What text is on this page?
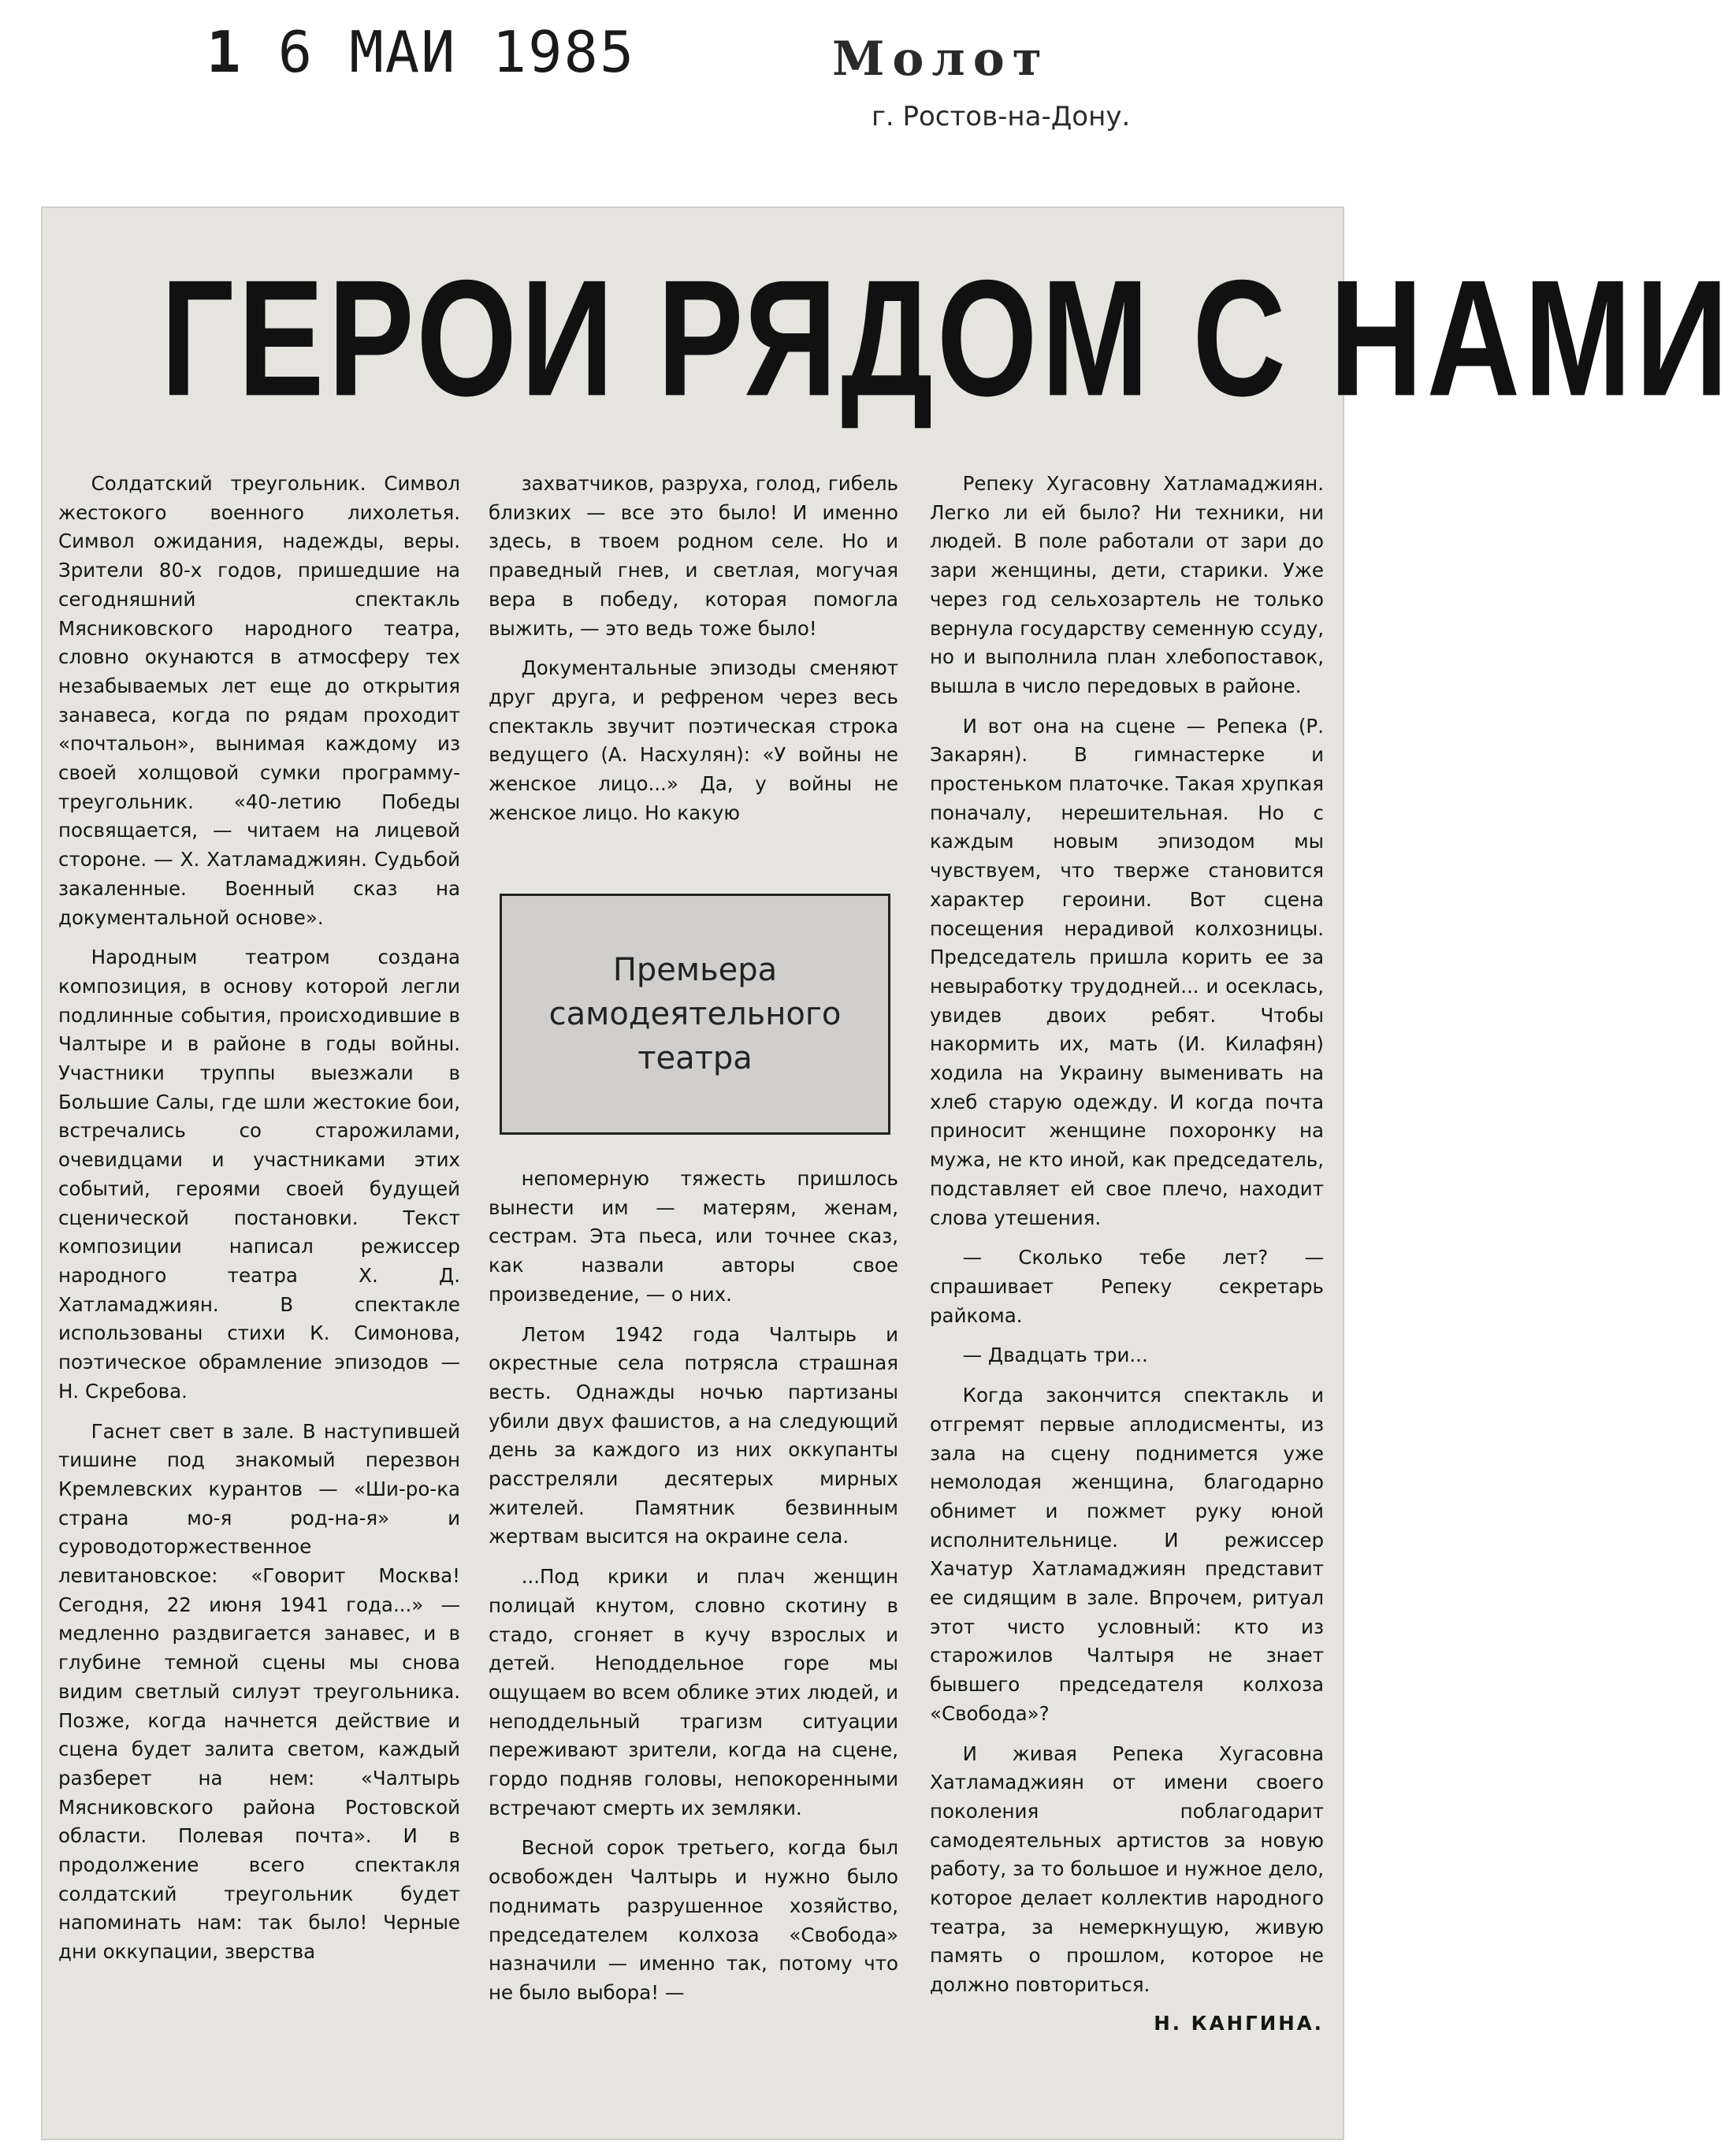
1 6 МАИ 1985	Молот
г. Ростов-на-Дону.
ГЕРОИ РЯДОМ С НАМИ

Солдатский треугольник. Символ жестокого военного лихолетья. Символ ожидания, надежды, веры. Зрители 80-х годов, пришедшие на сегодняшний спектакль Мясниковского народного театра, словно окунаются в атмосферу тех незабываемых лет еще до открытия занавеса, когда по рядам проходит «почтальон», вынимая каждому из своей холщовой сумки программу-треугольник. «40-летию Победы посвящается, — читаем на лицевой стороне. — Х. Хатламаджиян. Судьбой закаленные. Военный сказ на документальной основе».

Народным театром создана композиция, в основу которой легли подлинные события, происходившие в Чалтыре и в районе в годы войны. Участники труппы выезжали в Большие Салы, где шли жестокие бои, встречались со старожилами, очевидцами и участниками этих событий, героями своей будущей сценической постановки. Текст композиции написал режиссер народного театра Х. Д. Хатламаджиян. В спектакле использованы стихи К. Симонова, поэтическое обрамление эпизодов — Н. Скребова.

Гаснет свет в зале. В наступившей тишине под знакомый перезвон Кремлевских курантов — «Ши-ро-ка страна мо-я род-на-я» и суроводоторжественное левитановское: «Говорит Москва! Сегодня, 22 июня 1941 года...» — медленно раздвигается занавес, и в глубине темной сцены мы снова видим светлый силуэт треугольника. Позже, когда начнется действие и сцена будет залита светом, каждый разберет на нем: «Чалтырь Мясниковского района Ростовской области. Полевая почта». И в продолжение всего спектакля солдатский треугольник будет напоминать нам: так было! Черные дни оккупации, зверства

захватчиков, разруха, голод, гибель близких — все это было! И именно здесь, в твоем родном селе. Но и праведный гнев, и светлая, могучая вера в победу, которая помогла выжить, — это ведь тоже было!

Документальные эпизоды сменяют друг друга, и рефреном через весь спектакль звучит поэтическая строка ведущего (А. Насхулян): «У войны не женское лицо...» Да, у войны не женское лицо. Но какую

Премьера
самодеятельного
театра

непомерную тяжесть пришлось вынести им — матерям, женам, сестрам. Эта пьеса, или точнее сказ, как назвали авторы свое произведение, — о них.

Летом 1942 года Чалтырь и окрестные села потрясла страшная весть. Однажды ночью партизаны убили двух фашистов, а на следующий день за каждого из них оккупанты расстреляли десятерых мирных жителей. Памятник безвинным жертвам высится на окраине села.

...Под крики и плач женщин полицай кнутом, словно скотину в стадо, сгоняет в кучу взрослых и детей. Неподдельное горе мы ощущаем во всем облике этих людей, и неподдельный трагизм ситуации переживают зрители, когда на сцене, гордо подняв головы, непокоренными встречают смерть их земляки.

Весной сорок третьего, когда был освобожден Чалтырь и нужно было поднимать разрушенное хозяйство, председателем колхоза «Свобода» назначили — именно так, потому что не было выбора! —

Репеку Хугасовну Хатламаджиян. Легко ли ей было? Ни техники, ни людей. В поле работали от зари до зари женщины, дети, старики. Уже через год сельхозартель не только вернула государству семенную ссуду, но и выполнила план хлебопоставок, вышла в число передовых в районе.

И вот она на сцене — Репека (Р. Закарян). В гимнастерке и простеньком платочке. Такая хрупкая поначалу, нерешительная. Но с каждым новым эпизодом мы чувствуем, что тверже становится характер героини. Вот сцена посещения нерадивой колхозницы. Председатель пришла корить ее за невыработку трудодней... и осеклась, увидев двоих ребят. Чтобы накормить их, мать (И. Килафян) ходила на Украину выменивать на хлеб старую одежду. И когда почта приносит женщине похоронку на мужа, не кто иной, как председатель, подставляет ей свое плечо, находит слова утешения.

— Сколько тебе лет? — спрашивает Репеку секретарь райкома.

— Двадцать три...

Когда закончится спектакль и отгремят первые аплодисменты, из зала на сцену поднимется уже немолодая женщина, благодарно обнимет и пожмет руку юной исполнительнице. И режиссер Хачатур Хатламаджиян представит ее сидящим в зале. Впрочем, ритуал этот чисто условный: кто из старожилов Чалтыря не знает бывшего председателя колхоза «Свобода»?

И живая Репека Хугасовна Хатламаджиян от имени своего поколения поблагодарит самодеятельных артистов за новую работу, за то большое и нужное дело, которое делает коллектив народного театра, за немеркнущую, живую память о прошлом, которое не должно повториться.

Н. КАНГИНА.
